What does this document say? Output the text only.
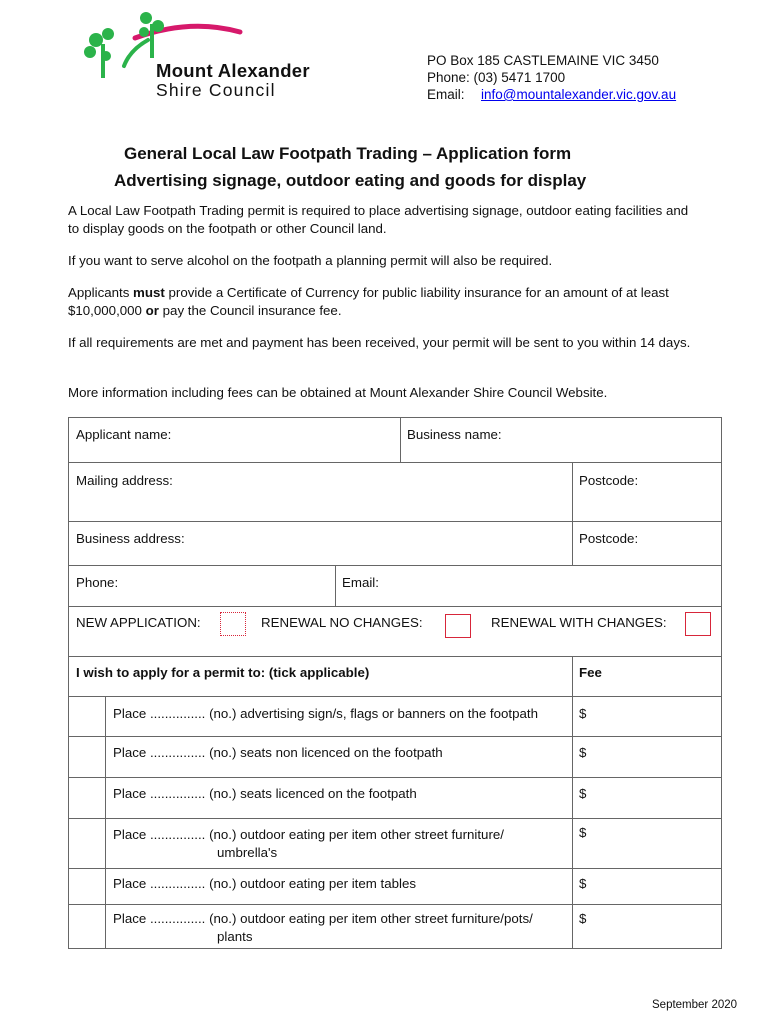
Mount Alexander
Shire Council
PO Box 185 CASTLEMAINE VIC 3450
Phone: (03) 5471 1700
Email: info@mountalexander.vic.gov.au
General Local Law Footpath Trading – Application form
Advertising signage, outdoor eating and goods for display

A Local Law Footpath Trading permit is required to place advertising signage, outdoor eating facilities and to display goods on the footpath or other Council land.

If you want to serve alcohol on the footpath a planning permit will also be required.

Applicants must provide a Certificate of Currency for public liability insurance for an amount of at least $10,000,000 or pay the Council insurance fee.

If all requirements are met and payment has been received, your permit will be sent to you within 14 days.

More information including fees can be obtained at Mount Alexander Shire Council Website.

Applicant name:	Business name:
Mailing address:	Postcode:
Business address:	Postcode:
Phone:	Email:
NEW APPLICATION:	RENEWAL NO CHANGES:	RENEWAL WITH CHANGES:
I wish to apply for a permit to: (tick applicable)	Fee
Place ............... (no.) advertising sign/s, flags or banners on the footpath	$
Place ............... (no.) seats non licenced on the footpath	$
Place ............... (no.) seats licenced on the footpath	$
Place ............... (no.) outdoor eating per item other street furniture/
umbrella's
$
Place ............... (no.) outdoor eating per item tables	$
Place ............... (no.) outdoor eating per item other street furniture/pots/
plants
$
September 2020
